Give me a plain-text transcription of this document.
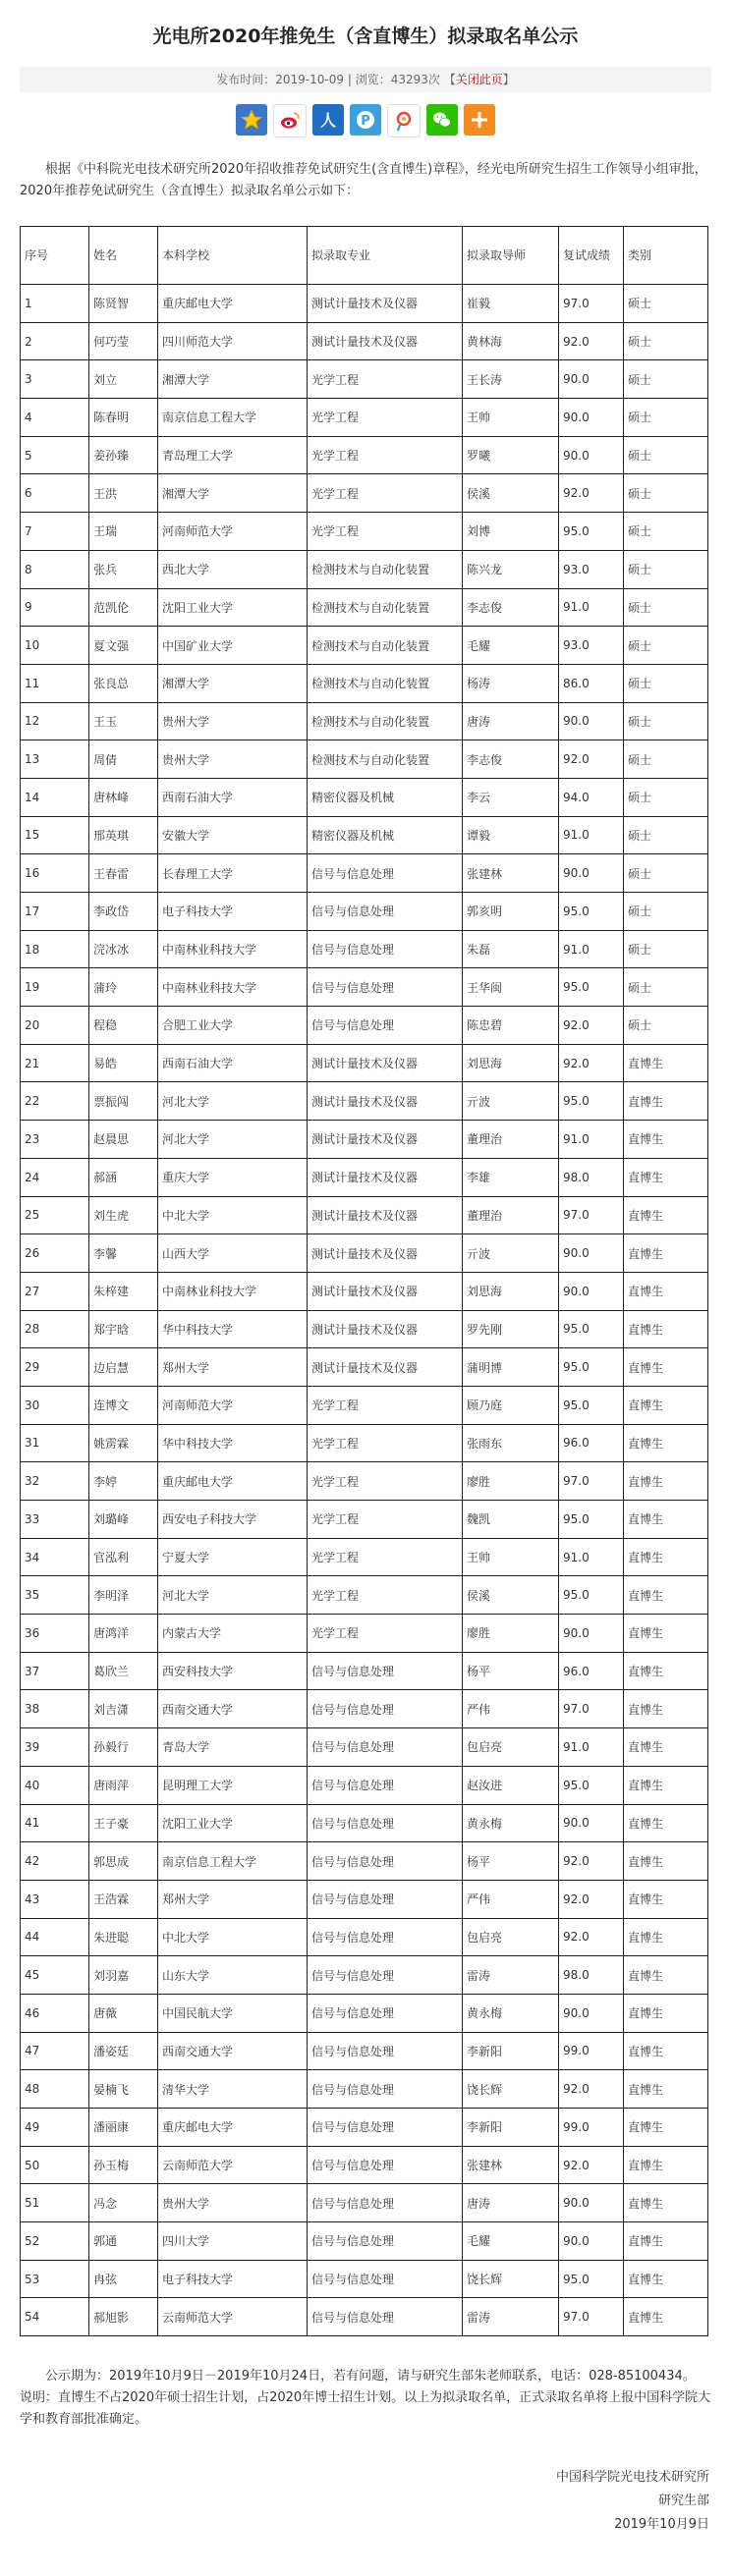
光电所2020年推免生（含直博生）拟录取名单公示
发布时间：2019-10-09 | 浏览：43293次 【关闭此页】
人 P
根据《中科院光电技术研究所2020年招收推荐免试研究生(含直博生)章程》，经光电所研究生招生工作领导小组审批，2020年推荐免试研究生（含直博生）拟录取名单公示如下：
序号	姓名	本科学校	拟录取专业	拟录取导师	复试成绩	类别
1	陈贤智	重庆邮电大学	测试计量技术及仪器	崔毅	97.0	硕士
2	何巧莹	四川师范大学	测试计量技术及仪器	黄林海	92.0	硕士
3	刘立	湘潭大学	光学工程	王长涛	90.0	硕士
4	陈春明	南京信息工程大学	光学工程	王帅	90.0	硕士
5	姜孙臻	青岛理工大学	光学工程	罗曦	90.0	硕士
6	王洪	湘潭大学	光学工程	侯溪	92.0	硕士
7	王瑞	河南师范大学	光学工程	刘博	95.0	硕士
8	张兵	西北大学	检测技术与自动化装置	陈兴龙	93.0	硕士
9	范凯伦	沈阳工业大学	检测技术与自动化装置	李志俊	91.0	硕士
10	夏文强	中国矿业大学	检测技术与自动化装置	毛耀	93.0	硕士
11	张良总	湘潭大学	检测技术与自动化装置	杨涛	86.0	硕士
12	王玉	贵州大学	检测技术与自动化装置	唐涛	90.0	硕士
13	周倩	贵州大学	检测技术与自动化装置	李志俊	92.0	硕士
14	唐林峰	西南石油大学	精密仪器及机械	李云	94.0	硕士
15	邢英琪	安徽大学	精密仪器及机械	谭毅	91.0	硕士
16	王春雷	长春理工大学	信号与信息处理	张建林	90.0	硕士
17	李政岱	电子科技大学	信号与信息处理	郭亥明	95.0	硕士
18	浣冰冰	中南林业科技大学	信号与信息处理	朱磊	91.0	硕士
19	蒲玲	中南林业科技大学	信号与信息处理	王华闽	95.0	硕士
20	程稳	合肥工业大学	信号与信息处理	陈忠碧	92.0	硕士
21	易皓	西南石油大学	测试计量技术及仪器	刘思海	92.0	直博生
22	票振闯	河北大学	测试计量技术及仪器	亓波	95.0	直博生
23	赵晨思	河北大学	测试计量技术及仪器	董理治	91.0	直博生
24	郝涵	重庆大学	测试计量技术及仪器	李雄	98.0	直博生
25	刘生虎	中北大学	测试计量技术及仪器	董理治	97.0	直博生
26	李馨	山西大学	测试计量技术及仪器	亓波	90.0	直博生
27	朱梓建	中南林业科技大学	测试计量技术及仪器	刘思海	90.0	直博生
28	郑宇晗	华中科技大学	测试计量技术及仪器	罗先刚	95.0	直博生
29	边启慧	郑州大学	测试计量技术及仪器	蒲明博	95.0	直博生
30	连博文	河南师范大学	光学工程	顾乃庭	95.0	直博生
31	姚雳霖	华中科技大学	光学工程	张雨东	96.0	直博生
32	李婷	重庆邮电大学	光学工程	廖胜	97.0	直博生
33	刘璐峰	西安电子科技大学	光学工程	魏凯	95.0	直博生
34	官泓利	宁夏大学	光学工程	王帅	91.0	直博生
35	李明泽	河北大学	光学工程	侯溪	95.0	直博生
36	唐鸿洋	内蒙古大学	光学工程	廖胜	90.0	直博生
37	葛欣兰	西安科技大学	信号与信息处理	杨平	96.0	直博生
38	刘吉潇	西南交通大学	信号与信息处理	严伟	97.0	直博生
39	孙毅行	青岛大学	信号与信息处理	包启亮	91.0	直博生
40	唐雨萍	昆明理工大学	信号与信息处理	赵汝进	95.0	直博生
41	王子豪	沈阳工业大学	信号与信息处理	黄永梅	90.0	直博生
42	郭思成	南京信息工程大学	信号与信息处理	杨平	92.0	直博生
43	王浩霖	郑州大学	信号与信息处理	严伟	92.0	直博生
44	朱进聪	中北大学	信号与信息处理	包启亮	92.0	直博生
45	刘羽嘉	山东大学	信号与信息处理	雷涛	98.0	直博生
46	唐薇	中国民航大学	信号与信息处理	黄永梅	90.0	直博生
47	潘姿廷	西南交通大学	信号与信息处理	李新阳	99.0	直博生
48	晏楠飞	清华大学	信号与信息处理	饶长辉	92.0	直博生
49	潘丽康	重庆邮电大学	信号与信息处理	李新阳	99.0	直博生
50	孙玉梅	云南师范大学	信号与信息处理	张建林	92.0	直博生
51	冯念	贵州大学	信号与信息处理	唐涛	90.0	直博生
52	郭通	四川大学	信号与信息处理	毛耀	90.0	直博生
53	冉弦	电子科技大学	信号与信息处理	饶长辉	95.0	直博生
54	郝旭影	云南师范大学	信号与信息处理	雷涛	97.0	直博生

公示期为：2019年10月9日－2019年10月24日，若有问题，请与研究生部朱老师联系，电话：028-85100434。

说明：直博生不占2020年硕士招生计划，占2020年博士招生计划。以上为拟录取名单，正式录取名单将上报中国科学院大学和教育部批准确定。

中国科学院光电技术研究所
研究生部
2019年10月9日
